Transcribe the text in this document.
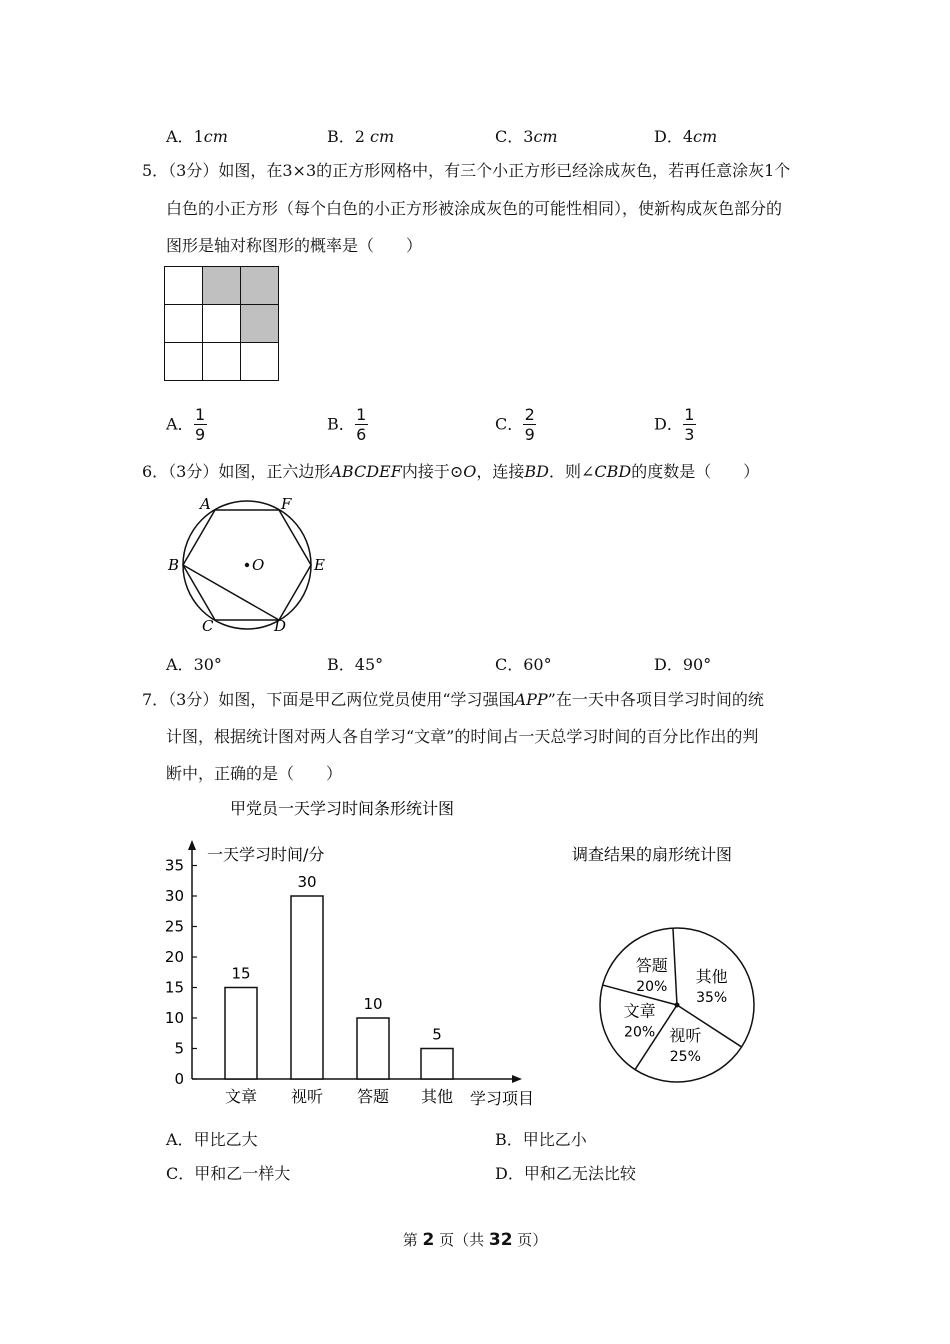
A．1cm	B．2 cm	C．3cm	D．4cm
5．（3分）如图，在3×3的正方形网格中，有三个小正方形已经涂成灰色，若再任意涂灰1个
白色的小正方形（每个白色的小正方形被涂成灰色的可能性相同），使新构成灰色部分的
图形是轴对称图形的概率是（　　）

A． $\frac{1}{9}$	B． $\frac{1}{6}$	C． $\frac{2}{9}$	D． $\frac{1}{3}$
6．（3分）如图，正六边形ABCDEF内接于⊙O，连接BD．则∠CBD的度数是（　　）
A	F
B	E
C	D
O
A．30°	B．45°	C．60°	D．90°
7．（3分）如图，下面是甲乙两位党员使用“学习强国APP”在一天中各项目学习时间的统
计图，根据统计图对两人各自学习“文章”的时间占一天总学习时间的百分比作出的判
断中，正确的是（　　）
甲党员一天学习时间条形统计图
一天学习时间/分
学习项目
0
5
10
15
20
25
30
35
15
文章
30
视听
10
答题
5
其他
调查结果的扇形统计图
答题
20%
其他
35%
视听
25%
文章
20%
A．甲比乙大	B．甲比乙小
C．甲和乙一样大	D．甲和乙无法比较
第 2 页（共 32 页）
